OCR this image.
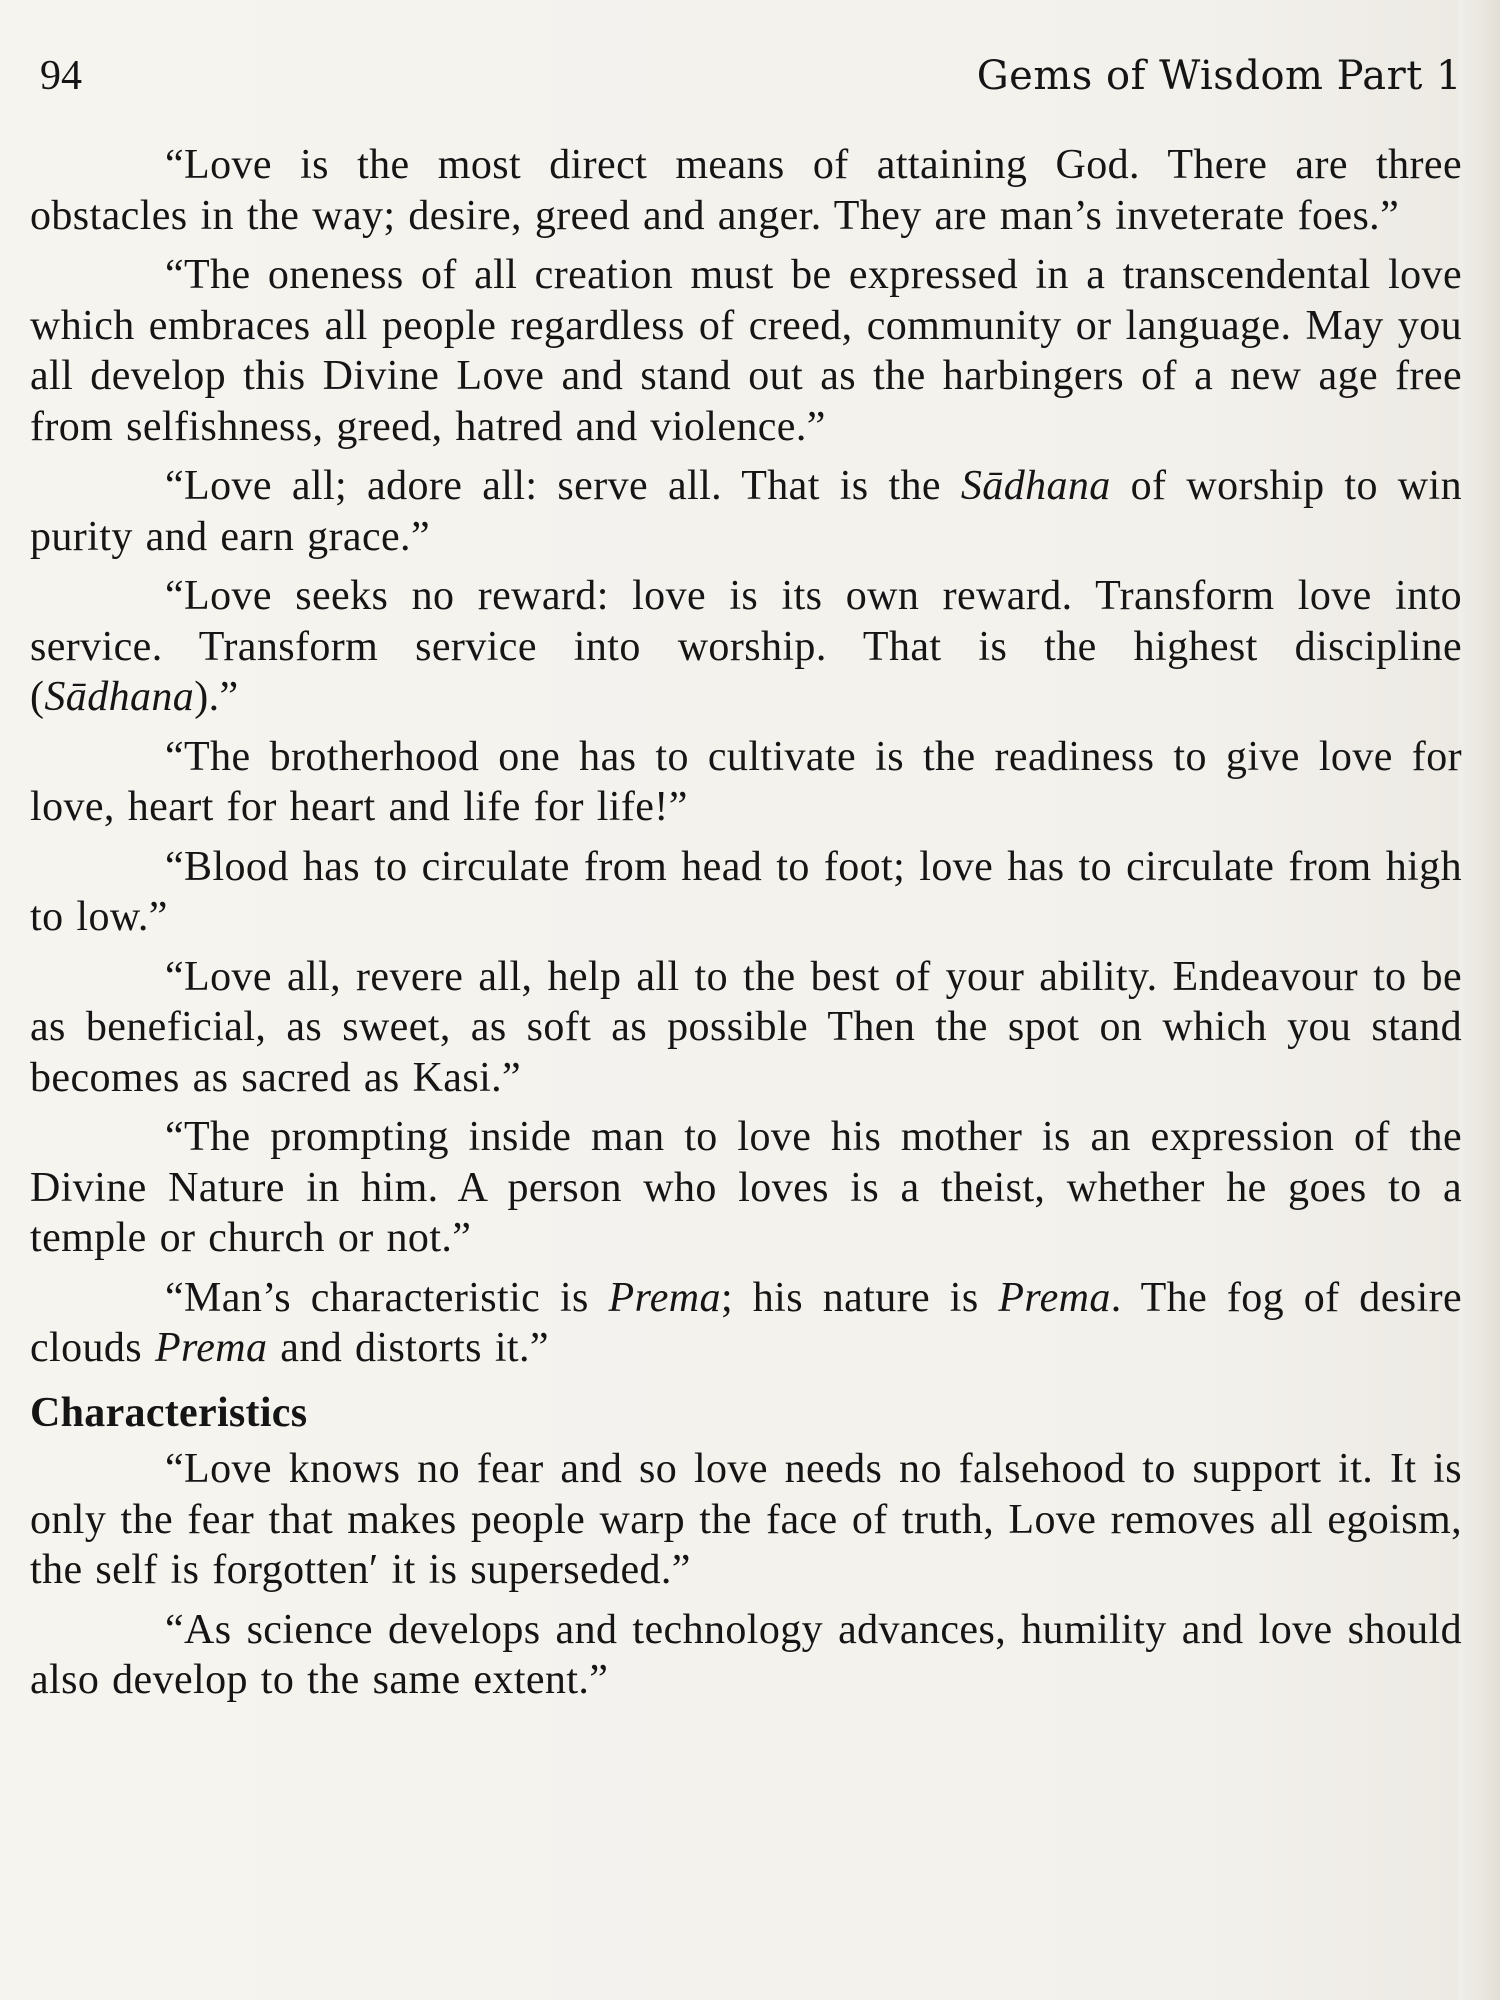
94	Gems of Wisdom Part 1

“Love is the most direct means of attaining God. There are three obstacles in the way; desire, greed and anger. They are man’s inveterate foes.”

“The oneness of all creation must be expressed in a transcendental love which embraces all people regardless of creed, community or language. May you all develop this Divine Love and stand out as the harbingers of a new age free from selfishness, greed, hatred and violence.”

“Love all; adore all: serve all. That is the Sādhana of worship to win purity and earn grace.”

“Love seeks no reward: love is its own reward. Transform love into service. Transform service into worship. That is the highest discipline (Sādhana).”

“The brotherhood one has to cultivate is the readiness to give love for love, heart for heart and life for life!”

“Blood has to circulate from head to foot; love has to circulate from high to low.”

“Love all, revere all, help all to the best of your ability. Endeavour to be as beneficial, as sweet, as soft as possible Then the spot on which you stand becomes as sacred as Kasi.”

“The prompting inside man to love his mother is an expression of the Divine Nature in him. A person who loves is a theist, whether he goes to a temple or church or not.”

“Man’s characteristic is Prema; his nature is Prema. The fog of desire clouds Prema and distorts it.”

Characteristics

“Love knows no fear and so love needs no falsehood to support it. It is only the fear that makes people warp the face of truth, Love removes all egoism, the self is forgotten′ it is superseded.”

“As science develops and technology advances, humility and love should also develop to the same extent.”
